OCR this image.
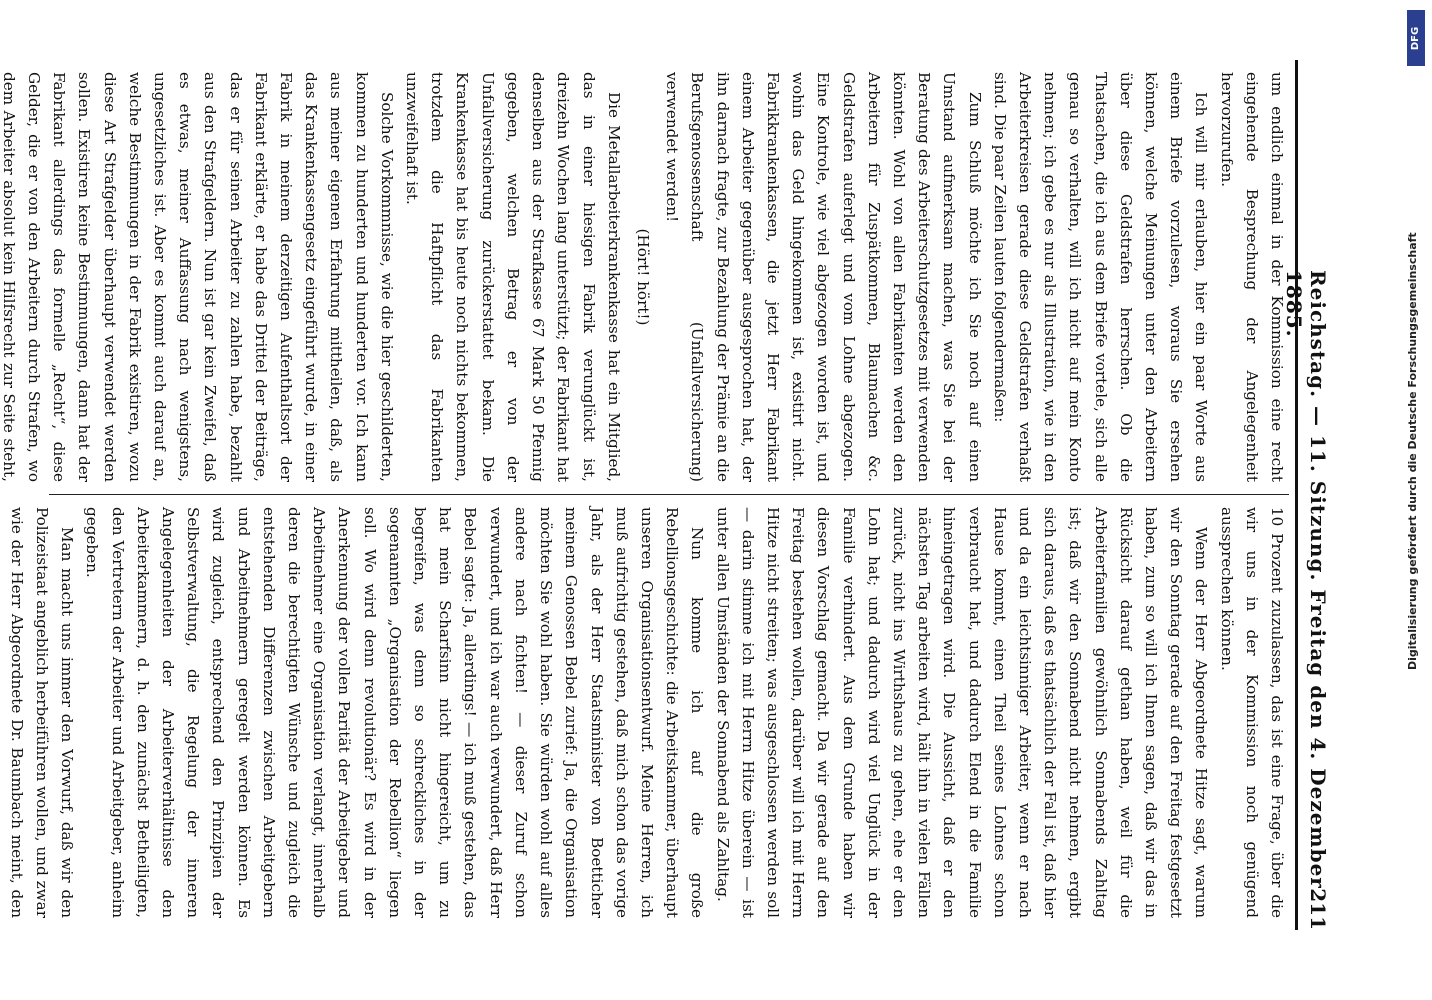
Reichstag. — 11. Sitzung. Freitag den 4. Dezember 1885.
211

um endlich einmal in der Kommission eine recht eingehende Besprechung der Angelegenheit hervorzurufen.

Ich will mir erlauben, hier ein paar Worte aus einem Briefe vorzulesen, woraus Sie ersehen können, welche Meinungen unter den Arbeitern über diese Geldstrafen herrschen. Ob die Thatsachen, die ich aus dem Briefe vortele, sich alle genau so verhalten, will ich nicht auf mein Konto nehmen; ich gebe es nur als Illustration, wie in den Arbeiterkreisen gerade diese Geldstrafen verhaßt sind. Die paar Zeilen lauten folgendermaßen:

Zum Schluß möchte ich Sie noch auf einen Umstand aufmerksam machen, was Sie bei der Beratung des Arbeiterschutzgesetzes mit verwenden könnten. Wohl von allen Fabrikanten werden den Arbeitern für Zuspätkommen, Blaumachen &c. Geldstrafen auferlegt und vom Lohne abgezogen. Eine Kontrole, wie viel abgezogen worden ist, und wohin das Geld hingekommen ist, existirt nicht. Fabrikkrankenkassen, die jetzt Herr Fabrikant einem Arbeiter gegenüber ausgesprochen hat, der ihn darnach fragte, zur Bezahlung der Prämie an die Berufsgenossenschaft (Unfallversicherung) verwendet werden!

(Hört! hört!)

Die Metallarbeiterkrankenkasse hat ein Mitglied, das in einer hiesigen Fabrik verunglückt ist, dreizehn Wochen lang unterstützt; der Fabrikant hat denselben aus der Strafkasse 67 Mark 50 Pfennig gegeben, welchen Betrag er von der Unfallversicherung zurückerstattet bekam. Die Krankenkasse hat bis heute noch nichts bekommen, trotzdem die Haftpflicht das Fabrikanten unzweifelhaft ist.

Solche Vorkommnisse, wie die hier geschilderten, kommen zu hunderten und hunderten vor. Ich kann aus meiner eigenen Erfahrung mittheilen, daß, als das Krankenkassengesetz eingeführt wurde, in einer Fabrik in meinem derzeitigen Aufenthaltsort der Fabrikant erklärte, er habe das Drittel der Beiträge, das er für seinen Arbeiter zu zahlen habe, bezahlt aus den Strafgeldern. Nun ist gar kein Zweifel, daß es etwas, meiner Auffassung nach wenigstens, ungesetzliches ist. Aber es kommt auch darauf an, welche Bestimmungen in der Fabrik existiren, wozu diese Art Strafgelder überhaupt verwendet werden sollen. Existiren keine Bestimmungen, dann hat der Fabrikant allerdings das formelle „Recht“, diese Gelder, die er von den Arbeitern durch Strafen, wo dem Arbeiter absolut kein Hilfsrecht zur Seite steht,

10 Prozent zuzulassen, das ist eine Frage, über die wir uns in der Kommission noch genügend aussprechen können.

Wenn der Herr Abgeordnete Hitze sagt, warum wir den Sonntag gerade auf den Freitag festgesetzt haben, zum so will ich Ihnen sagen, daß wir das in Rücksicht darauf gethan haben, weil für die Arbeiterfamilien gewöhnlich Sonnabends Zahltag ist; daß wir den Sonnabend nicht nehmen, ergibt sich daraus, daß es thatsächlich der Fall ist, daß hier und da ein leichtsinniger Arbeiter, wenn er nach Hause kommt, einen Theil seines Lohnes schon verbraucht hat, und dadurch Elend in die Familie hineingetragen wird. Die Aussicht, daß er den nächsten Tag arbeiten wird, hält ihn in vielen Fällen zurück, nicht ins Wirthshaus zu gehen, ehe er den Lohn hat; und dadurch wird viel Unglück in der Familie verhindert. Aus dem Grunde haben wir diesen Vorschlag gemacht. Da wir gerade auf den Freitag bestehen wollen, darüber will ich mit Herrn Hitze nicht streiten; was ausgeschlossen werden soll — darin stimme ich mit Herrn Hitze überein — ist unter allen Umständen der Sonnabend als Zahltag.

Nun komme ich auf die große Rebellionsgeschichte: die Arbeitskammer, überhaupt unseren Organisationsentwurf. Meine Herren, ich muß aufrichtig gestehen, daß mich schon das vorige Jahr, als der Herr Staatsminister von Boetticher meinem Genossen Bebel zurief: Ja, die Organisation möchten Sie wohl haben. Sie würden wohl auf alles andere nach fichten! — dieser Zuruf schon verwundert, und ich war auch verwundert, daß Herr Bebel sagte: Ja, allerdings! — ich muß gestehen, das hat mein Scharfsinn nicht hingereicht, um zu begreifen, was denn so schreckliches in der sogenannten „Organisation der Rebellion“ liegen soll. Wo wird denn revolutionär? Es wird in der Anerkennung der vollen Parität der Arbeitgeber und Arbeitnehmer eine Organisation verlangt, innerhalb deren die berechtigten Wünsche und zugleich die entstehenden Differenzen zwischen Arbeitgebern und Arbeitnehmern geregelt werden können. Es wird zugleich, entsprechend den Prinzipien der Selbstverwaltung, die Regelung der inneren Angelegenheiten der Arbeiterverhältnisse den Arbeiterkammern, d. h. den zunächst Betheiligten, den Vertretern der Arbeiter und Arbeitgeber, anheim gegeben.

Man macht uns immer den Vorwurf, daß wir den Polizeistaat angeblich herbeiführen wollen, und zwar wie der Herr Abgeordnete Dr. Baumbach meint, den

DFG
Digitalisierung gefördert durch die Deutsche Forschungsgemeinschaft
